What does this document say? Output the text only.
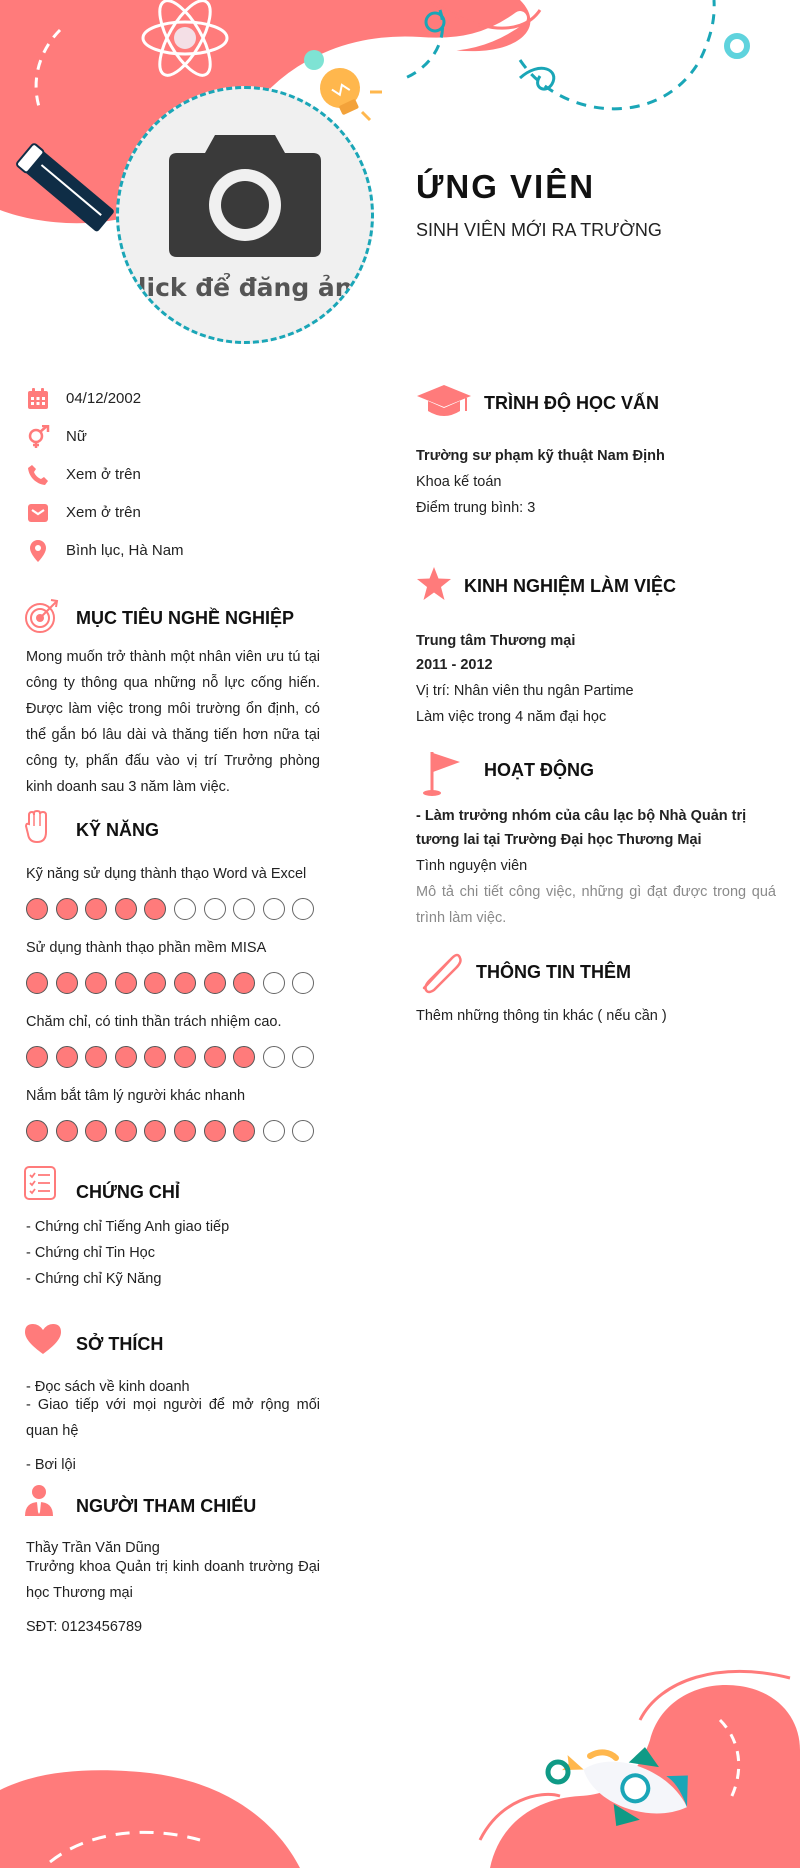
Click để đăng ảnh
ỨNG VIÊN
SINH VIÊN MỚI RA TRƯỜNG
04/12/2002
Nữ
Xem ở trên
Xem ở trên
Bình lục, Hà Nam
MỤC TIÊU NGHỀ NGHIỆP
Mong muốn trở thành một nhân viên ưu tú tại công ty thông qua những nỗ lực cống hiến. Được làm việc trong môi trường ổn định, có thể gắn bó lâu dài và thăng tiến hơn nữa tại công ty, phấn đấu vào vị trí Trưởng phòng kinh doanh sau 3 năm làm việc.
KỸ NĂNG
Kỹ năng sử dụng thành thạo Word và Excel
Sử dụng thành thạo phần mềm MISA
Chăm chỉ, có tinh thần trách nhiệm cao.
Nắm bắt tâm lý người khác nhanh
CHỨNG CHỈ
- Chứng chỉ Tiếng Anh giao tiếp
- Chứng chỉ Tin Học
- Chứng chỉ Kỹ Năng
SỞ THÍCH
- Đọc sách về kinh doanh
- Giao tiếp với mọi người để mở rộng mối quan hệ
- Bơi lội
NGƯỜI THAM CHIẾU
Thầy Trần Văn Dũng
Trưởng khoa Quản trị kinh doanh trường Đại học Thương mại
SĐT: 0123456789
TRÌNH ĐỘ HỌC VẤN
Trường sư phạm kỹ thuật Nam Định
Khoa kế toán
Điểm trung bình: 3
KINH NGHIỆM LÀM VIỆC
Trung tâm Thương mại
2011 - 2012
Vị trí: Nhân viên thu ngân Partime
Làm việc trong 4 năm đại học
HOẠT ĐỘNG
- Làm trưởng nhóm của câu lạc bộ Nhà Quản trị tương lai tại Trường Đại học Thương Mại
Tình nguyện viên
Mô tả chi tiết công việc, những gì đạt được trong quá trình làm việc.
THÔNG TIN THÊM
Thêm những thông tin khác ( nếu cần )
